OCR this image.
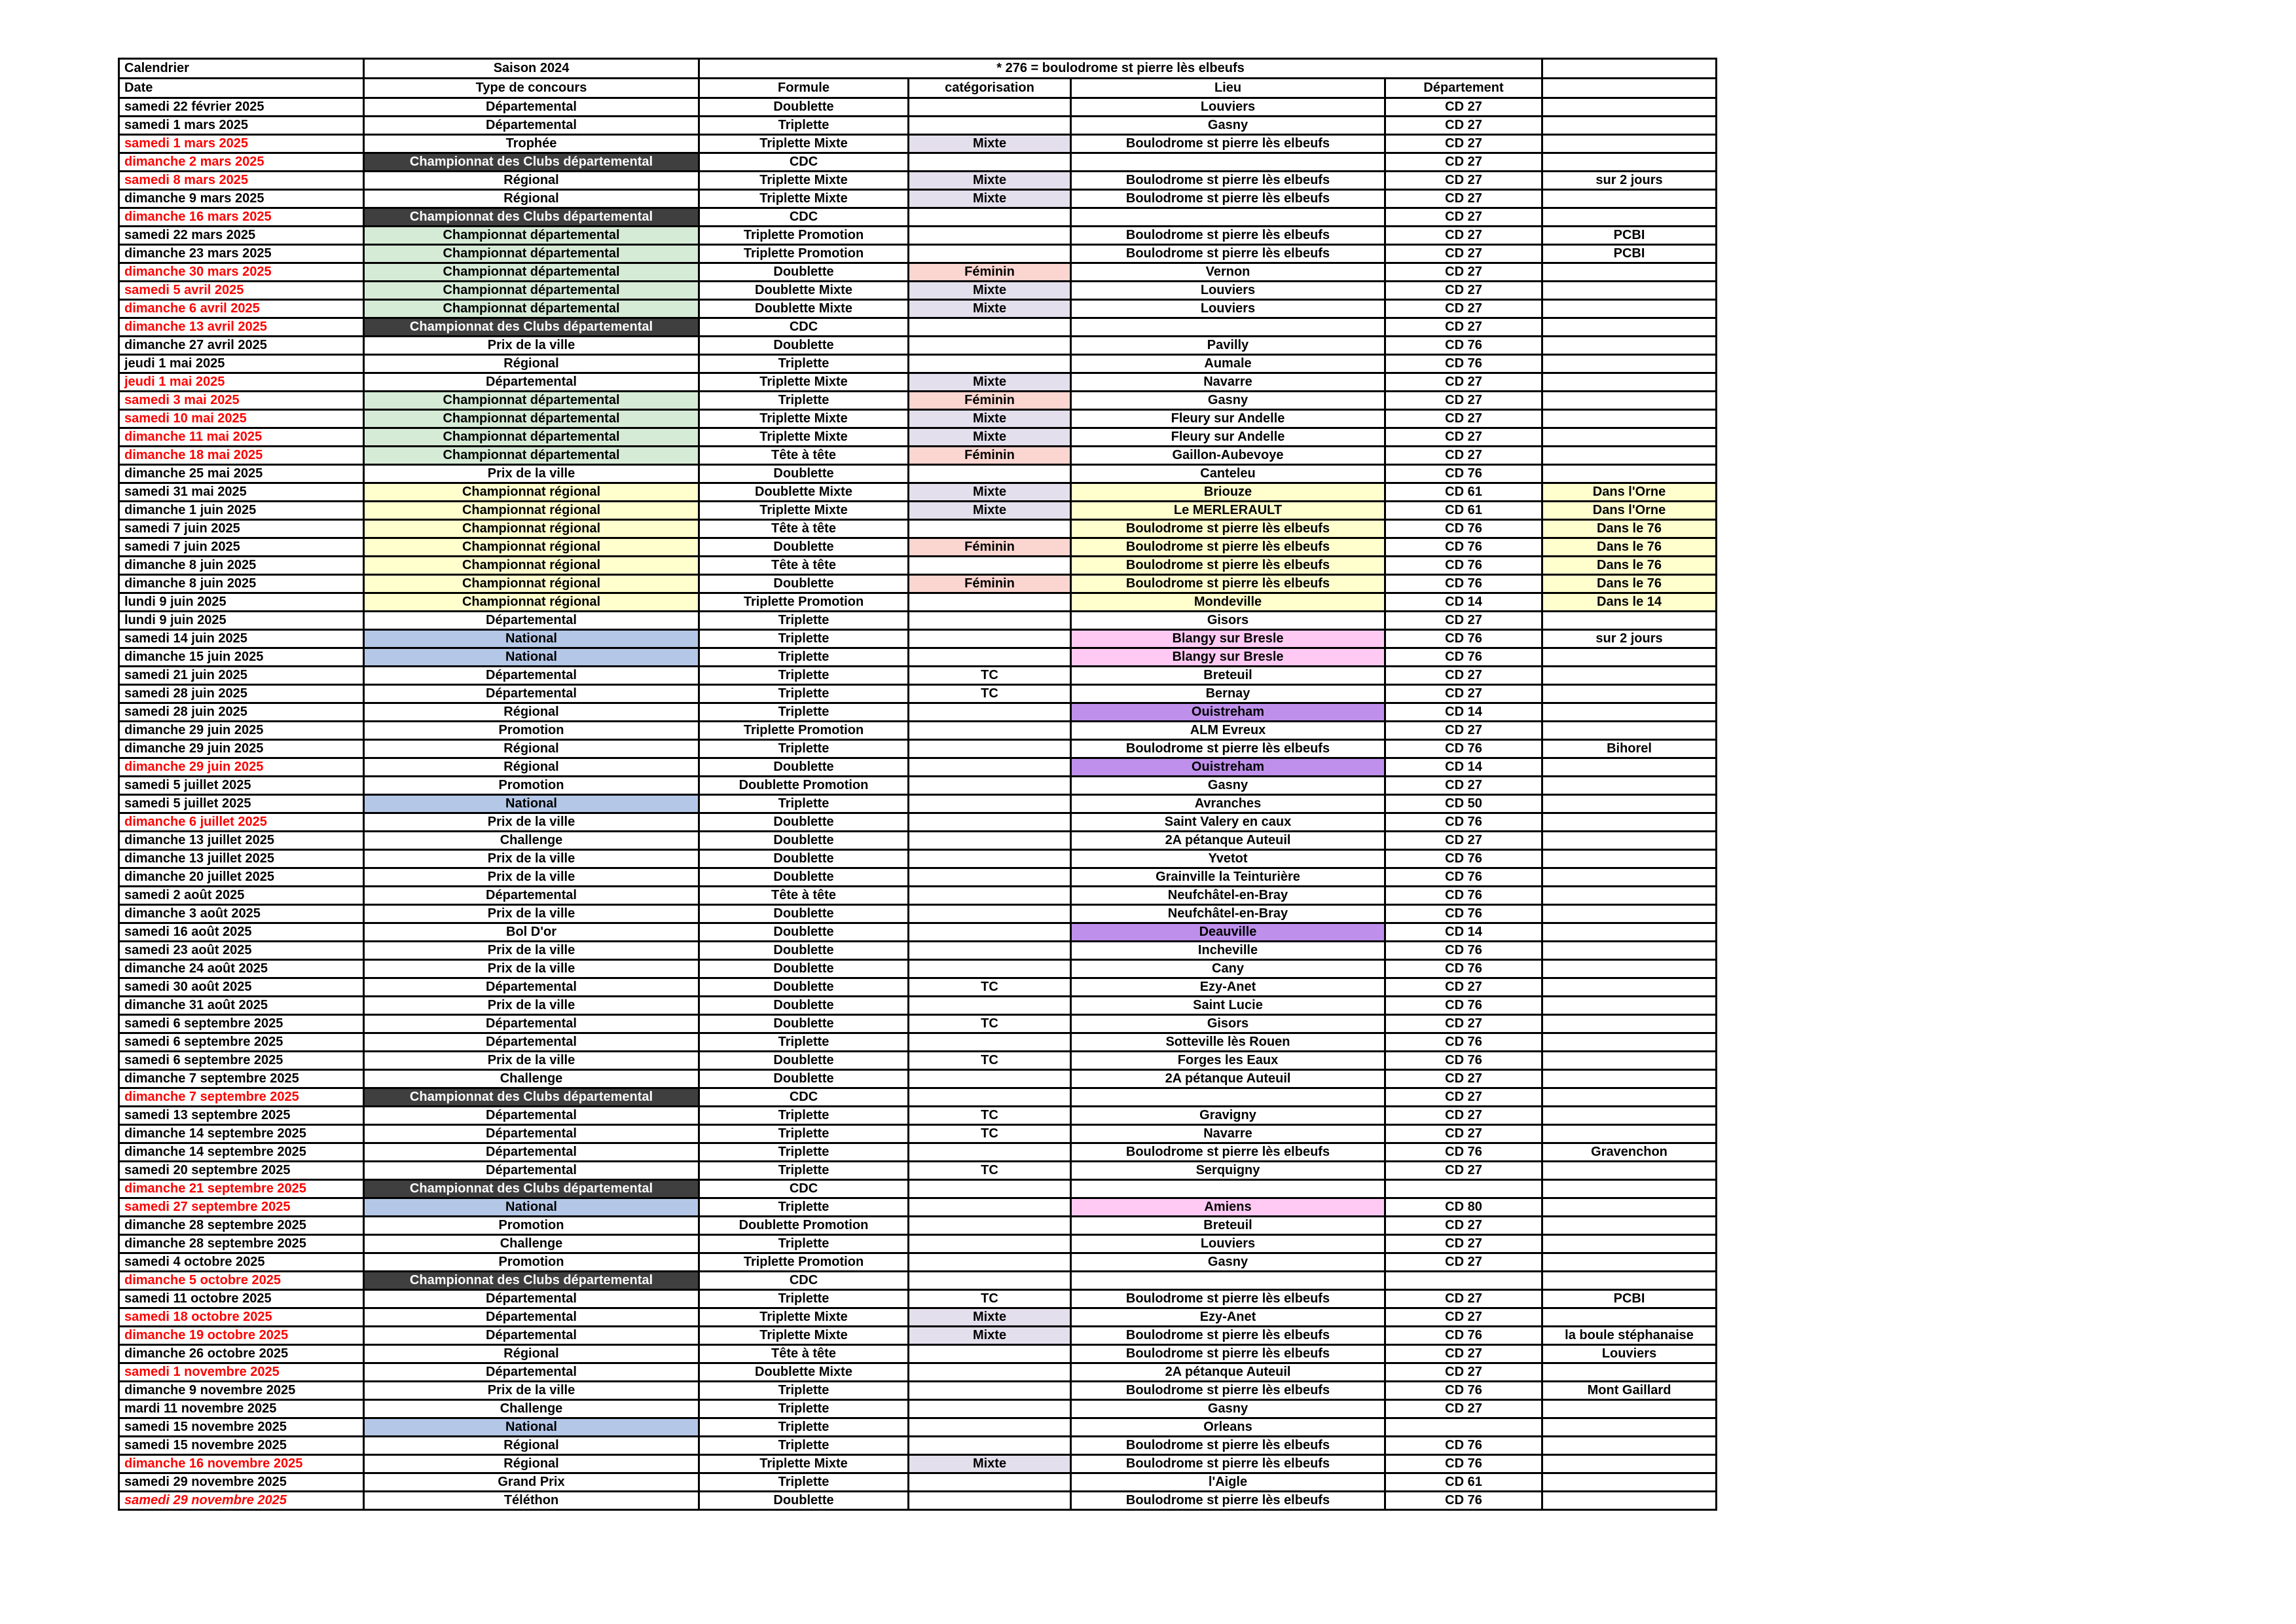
Calendrier	Saison 2024	* 276 = boulodrome st pierre lès elbeufs				
Date	Type de concours	Formule	catégorisation	Lieu	Département	
samedi 22 février 2025	Départemental	Doublette		Louviers	CD 27	
samedi 1 mars 2025	Départemental	Triplette		Gasny	CD 27	
samedi 1 mars 2025	Trophée	Triplette Mixte	Mixte	Boulodrome st pierre lès elbeufs	CD 27	
dimanche 2 mars 2025	Championnat des Clubs départemental	CDC			CD 27	
samedi 8 mars 2025	Régional	Triplette Mixte	Mixte	Boulodrome st pierre lès elbeufs	CD 27	sur 2 jours
dimanche 9 mars 2025	Régional	Triplette Mixte	Mixte	Boulodrome st pierre lès elbeufs	CD 27	
dimanche 16 mars 2025	Championnat des Clubs départemental	CDC			CD 27	
samedi 22 mars 2025	Championnat départemental	Triplette Promotion		Boulodrome st pierre lès elbeufs	CD 27	PCBI
dimanche 23 mars 2025	Championnat départemental	Triplette Promotion		Boulodrome st pierre lès elbeufs	CD 27	PCBI
dimanche 30 mars 2025	Championnat départemental	Doublette	Féminin	Vernon	CD 27	
samedi 5 avril 2025	Championnat départemental	Doublette Mixte	Mixte	Louviers	CD 27	
dimanche 6 avril 2025	Championnat départemental	Doublette Mixte	Mixte	Louviers	CD 27	
dimanche 13 avril 2025	Championnat des Clubs départemental	CDC			CD 27	
dimanche 27 avril 2025	Prix de la ville	Doublette		Pavilly	CD 76	
jeudi 1 mai 2025	Régional	Triplette		Aumale	CD 76	
jeudi 1 mai 2025	Départemental	Triplette Mixte	Mixte	Navarre	CD 27	
samedi 3 mai 2025	Championnat départemental	Triplette	Féminin	Gasny	CD 27	
samedi 10 mai 2025	Championnat départemental	Triplette Mixte	Mixte	Fleury sur Andelle	CD 27	
dimanche 11 mai 2025	Championnat départemental	Triplette Mixte	Mixte	Fleury sur Andelle	CD 27	
dimanche 18 mai 2025	Championnat départemental	Tête à tête	Féminin	Gaillon-Aubevoye	CD 27	
dimanche 25 mai 2025	Prix de la ville	Doublette		Canteleu	CD 76	
samedi 31 mai 2025	Championnat régional	Doublette Mixte	Mixte	Briouze	CD 61	Dans l'Orne
dimanche 1 juin 2025	Championnat régional	Triplette Mixte	Mixte	Le MERLERAULT	CD 61	Dans l'Orne
samedi 7 juin 2025	Championnat régional	Tête à tête		Boulodrome st pierre lès elbeufs	CD 76	Dans le 76
samedi 7 juin 2025	Championnat régional	Doublette	Féminin	Boulodrome st pierre lès elbeufs	CD 76	Dans le 76
dimanche 8 juin 2025	Championnat régional	Tête à tête		Boulodrome st pierre lès elbeufs	CD 76	Dans le 76
dimanche 8 juin 2025	Championnat régional	Doublette	Féminin	Boulodrome st pierre lès elbeufs	CD 76	Dans le 76
lundi 9 juin 2025	Championnat régional	Triplette Promotion		Mondeville	CD 14	Dans le 14
lundi 9 juin 2025	Départemental	Triplette		Gisors	CD 27	
samedi 14 juin 2025	National	Triplette		Blangy sur Bresle	CD 76	sur 2 jours
dimanche 15 juin 2025	National	Triplette		Blangy sur Bresle	CD 76	
samedi 21 juin 2025	Départemental	Triplette	TC	Breteuil	CD 27	
samedi 28 juin 2025	Départemental	Triplette	TC	Bernay	CD 27	
samedi 28 juin 2025	Régional	Triplette		Ouistreham	CD 14	
dimanche 29 juin 2025	Promotion	Triplette Promotion		ALM Evreux	CD 27	
dimanche 29 juin 2025	Régional	Triplette		Boulodrome st pierre lès elbeufs	CD 76	Bihorel
dimanche 29 juin 2025	Régional	Doublette		Ouistreham	CD 14	
samedi 5 juillet 2025	Promotion	Doublette Promotion		Gasny	CD 27	
samedi 5 juillet 2025	National	Triplette		Avranches	CD 50	
dimanche 6 juillet 2025	Prix de la ville	Doublette		Saint Valery en caux	CD 76	
dimanche 13 juillet 2025	Challenge	Doublette		2A pétanque Auteuil	CD 27	
dimanche 13 juillet 2025	Prix de la ville	Doublette		Yvetot	CD 76	
dimanche 20 juillet 2025	Prix de la ville	Doublette		Grainville la Teinturière	CD 76	
samedi 2 août 2025	Départemental	Tête à tête		Neufchâtel-en-Bray	CD 76	
dimanche 3 août 2025	Prix de la ville	Doublette		Neufchâtel-en-Bray	CD 76	
samedi 16 août 2025	Bol D'or	Doublette		Deauville	CD 14	
samedi 23 août 2025	Prix de la ville	Doublette		Incheville	CD 76	
dimanche 24 août 2025	Prix de la ville	Doublette		Cany	CD 76	
samedi 30 août 2025	Départemental	Doublette	TC	Ezy-Anet	CD 27	
dimanche 31 août 2025	Prix de la ville	Doublette		Saint Lucie	CD 76	
samedi 6 septembre 2025	Départemental	Doublette	TC	Gisors	CD 27	
samedi 6 septembre 2025	Départemental	Triplette		Sotteville lès Rouen	CD 76	
samedi 6 septembre 2025	Prix de la ville	Doublette	TC	Forges les Eaux	CD 76	
dimanche 7 septembre 2025	Challenge	Doublette		2A pétanque Auteuil	CD 27	
dimanche 7 septembre 2025	Championnat des Clubs départemental	CDC			CD 27	
samedi 13 septembre 2025	Départemental	Triplette	TC	Gravigny	CD 27	
dimanche 14 septembre 2025	Départemental	Triplette	TC	Navarre	CD 27	
dimanche 14 septembre 2025	Départemental	Triplette		Boulodrome st pierre lès elbeufs	CD 76	Gravenchon
samedi 20 septembre 2025	Départemental	Triplette	TC	Serquigny	CD 27	
dimanche 21 septembre 2025	Championnat des Clubs départemental	CDC				
samedi 27 septembre 2025	National	Triplette		Amiens	CD 80	
dimanche 28 septembre 2025	Promotion	Doublette Promotion		Breteuil	CD 27	
dimanche 28 septembre 2025	Challenge	Triplette		Louviers	CD 27	
samedi 4 octobre 2025	Promotion	Triplette Promotion		Gasny	CD 27	
dimanche 5 octobre 2025	Championnat des Clubs départemental	CDC				
samedi 11 octobre 2025	Départemental	Triplette	TC	Boulodrome st pierre lès elbeufs	CD 27	PCBI
samedi 18 octobre 2025	Départemental	Triplette Mixte	Mixte	Ezy-Anet	CD 27	
dimanche 19 octobre 2025	Départemental	Triplette Mixte	Mixte	Boulodrome st pierre lès elbeufs	CD 76	la boule stéphanaise
dimanche 26 octobre 2025	Régional	Tête à tête		Boulodrome st pierre lès elbeufs	CD 27	Louviers
samedi 1 novembre 2025	Départemental	Doublette Mixte		2A pétanque Auteuil	CD 27	
dimanche 9 novembre 2025	Prix de la ville	Triplette		Boulodrome st pierre lès elbeufs	CD 76	Mont Gaillard
mardi 11 novembre 2025	Challenge	Triplette		Gasny	CD 27	
samedi 15 novembre 2025	National	Triplette		Orleans		
samedi 15 novembre 2025	Régional	Triplette		Boulodrome st pierre lès elbeufs	CD 76	
dimanche 16 novembre 2025	Régional	Triplette Mixte	Mixte	Boulodrome st pierre lès elbeufs	CD 76	
samedi 29 novembre 2025	Grand Prix	Triplette		l'Aigle	CD 61	
samedi 29 novembre 2025	Téléthon	Doublette		Boulodrome st pierre lès elbeufs	CD 76	
